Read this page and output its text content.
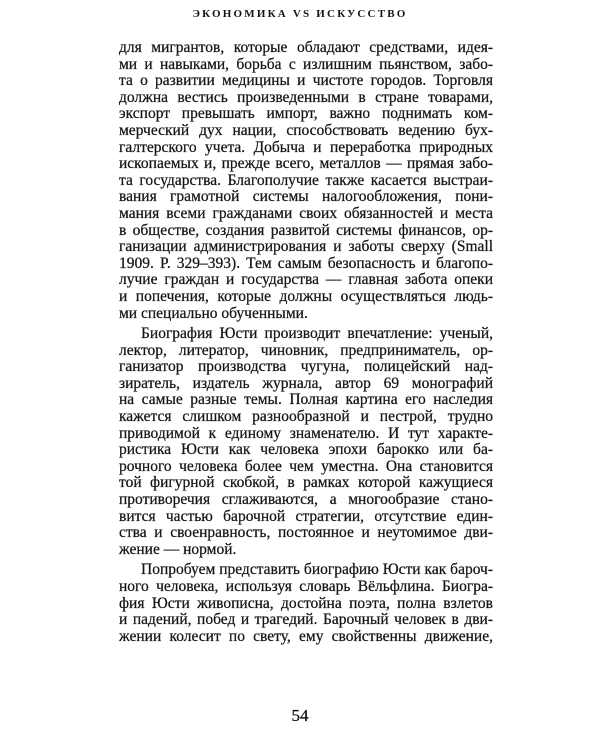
ЭКОНОМИКА VS ИСКУССТВО
для мигрантов, которые обладают средствами, идея-
ми и навыками, борьба с излишним пьянством, забо-
та о развитии медицины и чистоте городов. Торговля
должна вестись произведенными в стране товарами,
экспорт превышать импорт, важно поднимать ком-
мерческий дух нации, способствовать ведению бух-
галтерского учета. Добыча и переработка природных
ископаемых и, прежде всего, металлов — прямая забо-
та государства. Благополучие также касается выстраи-
вания грамотной системы налогообложения, пони-
мания всеми гражданами своих обязанностей и места
в обществе, создания развитой системы финансов, ор-
ганизации администрирования и заботы сверху (Small
1909. P. 329–393). Тем самым безопасность и благопо-
лучие граждан и государства — главная забота опеки
и попечения, которые должны осуществляться людь-
ми специально обученными.
Биография Юсти производит впечатление: ученый,
лектор, литератор, чиновник, предприниматель, ор-
ганизатор производства чугуна, полицейский над-
зиратель, издатель журнала, автор 69 монографий
на самые разные темы. Полная картина его наследия
кажется слишком разнообразной и пестрой, трудно
приводимой к единому знаменателю. И тут характе-
ристика Юсти как человека эпохи барокко или ба-
рочного человека более чем уместна. Она становится
той фигурной скобкой, в рамках которой кажущиеся
противоречия сглаживаются, а многообразие стано-
вится частью барочной стратегии, отсутствие един-
ства и своенравность, постоянное и неутомимое дви-
жение — нормой.
Попробуем представить биографию Юсти как бароч-
ного человека, используя словарь Вёльфлина. Биогра-
фия Юсти живописна, достойна поэта, полна взлетов
и падений, побед и трагедий. Барочный человек в дви-
жении колесит по свету, ему свойственны движение,
54
